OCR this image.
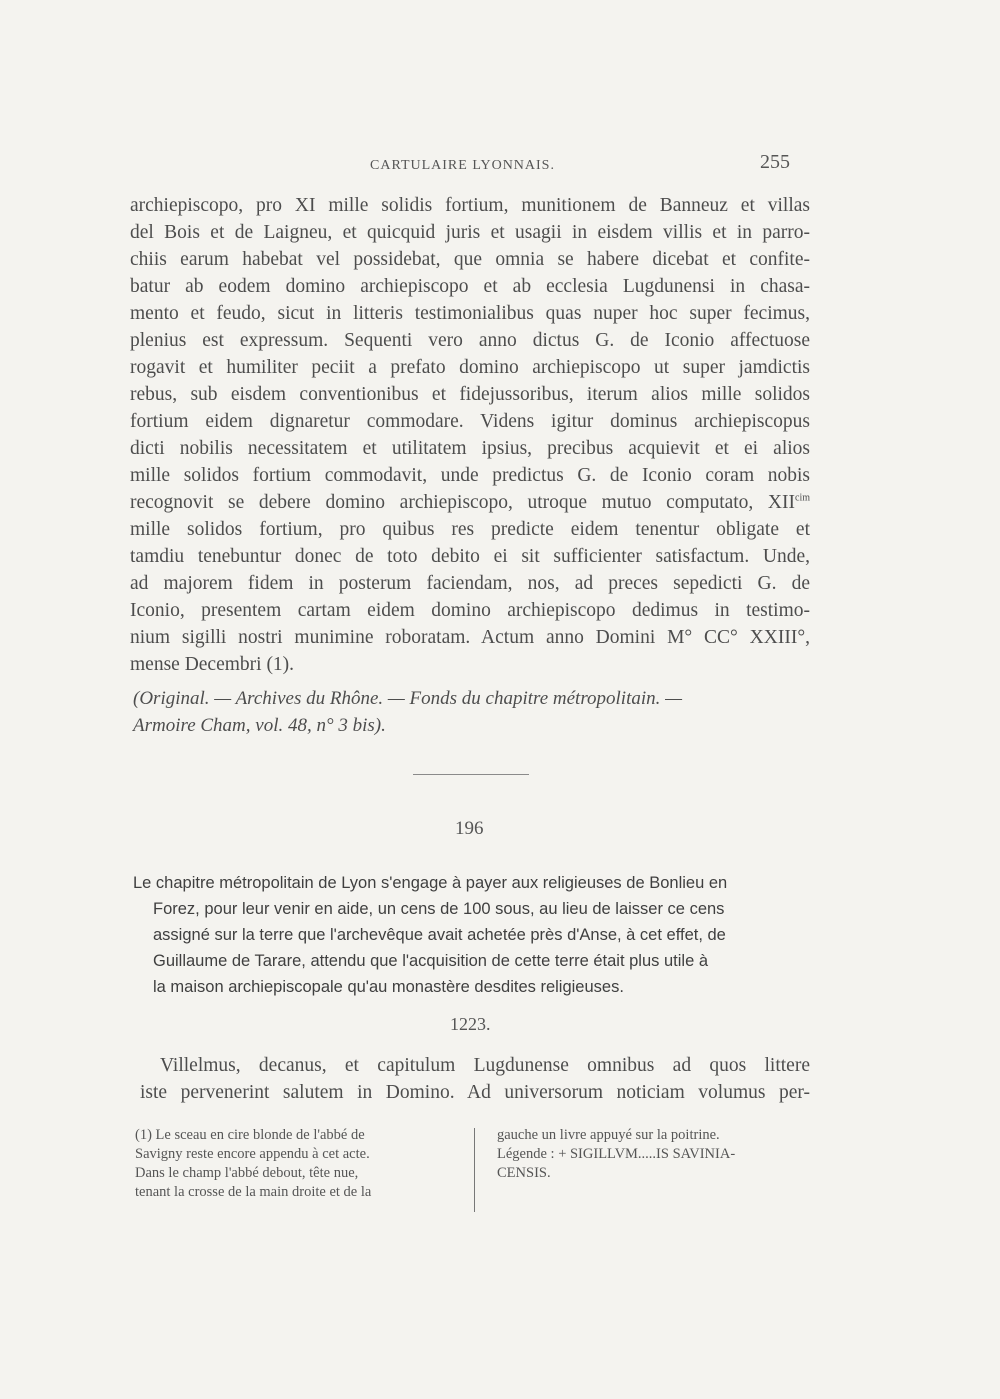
CARTULAIRE LYONNAIS.	255
archiepiscopo, pro XI mille solidis fortium, munitionem de Banneuz et villas
del Bois et de Laigneu, et quicquid juris et usagii in eisdem villis et in parro-
chiis earum habebat vel possidebat, que omnia se habere dicebat et confite-
batur ab eodem domino archiepiscopo et ab ecclesia Lugdunensi in chasa-
mento et feudo, sicut in litteris testimonialibus quas nuper hoc super fecimus,
plenius est expressum. Sequenti vero anno dictus G. de Iconio affectuose
rogavit et humiliter peciit a prefato domino archiepiscopo ut super jamdictis
rebus, sub eisdem conventionibus et fidejussoribus, iterum alios mille solidos
fortium eidem dignaretur commodare. Videns igitur dominus archiepiscopus
dicti nobilis necessitatem et utilitatem ipsius, precibus acquievit et ei alios
mille solidos fortium commodavit, unde predictus G. de Iconio coram nobis
recognovit se debere domino archiepiscopo, utroque mutuo computato, $XII^{cim}$
mille solidos fortium, pro quibus res predicte eidem tenentur obligate et
tamdiu tenebuntur donec de toto debito ei sit sufficienter satisfactum. Unde,
ad majorem fidem in posterum faciendam, nos, ad preces sepedicti G. de
Iconio, presentem cartam eidem domino archiepiscopo dedimus in testimo-
nium sigilli nostri munimine roboratam. Actum anno Domini M° CC° XXIII°,
mense Decembri (1).
(Original. — Archives du Rhône. — Fonds du chapitre métropolitain. —
Armoire Cham, vol. 48, n° 3 bis).
196
Le chapitre métropolitain de Lyon s'engage à payer aux religieuses de Bonlieu en
Forez, pour leur venir en aide, un cens de 100 sous, au lieu de laisser ce cens
assigné sur la terre que l'archevêque avait achetée près d'Anse, à cet effet, de
Guillaume de Tarare, attendu que l'acquisition de cette terre était plus utile à
la maison archiepiscopale qu'au monastère desdites religieuses.
1223.
Villelmus, decanus, et capitulum Lugdunense omnibus ad quos littere
iste pervenerint salutem in Domino. Ad universorum noticiam volumus per-
(1) Le sceau en cire blonde de l'abbé de
Savigny reste encore appendu à cet acte.
Dans le champ l'abbé debout, tête nue,
tenant la crosse de la main droite et de la
gauche un livre appuyé sur la poitrine.
Légende : + SIGILLVM.....IS SAVINIA-
CENSIS.
